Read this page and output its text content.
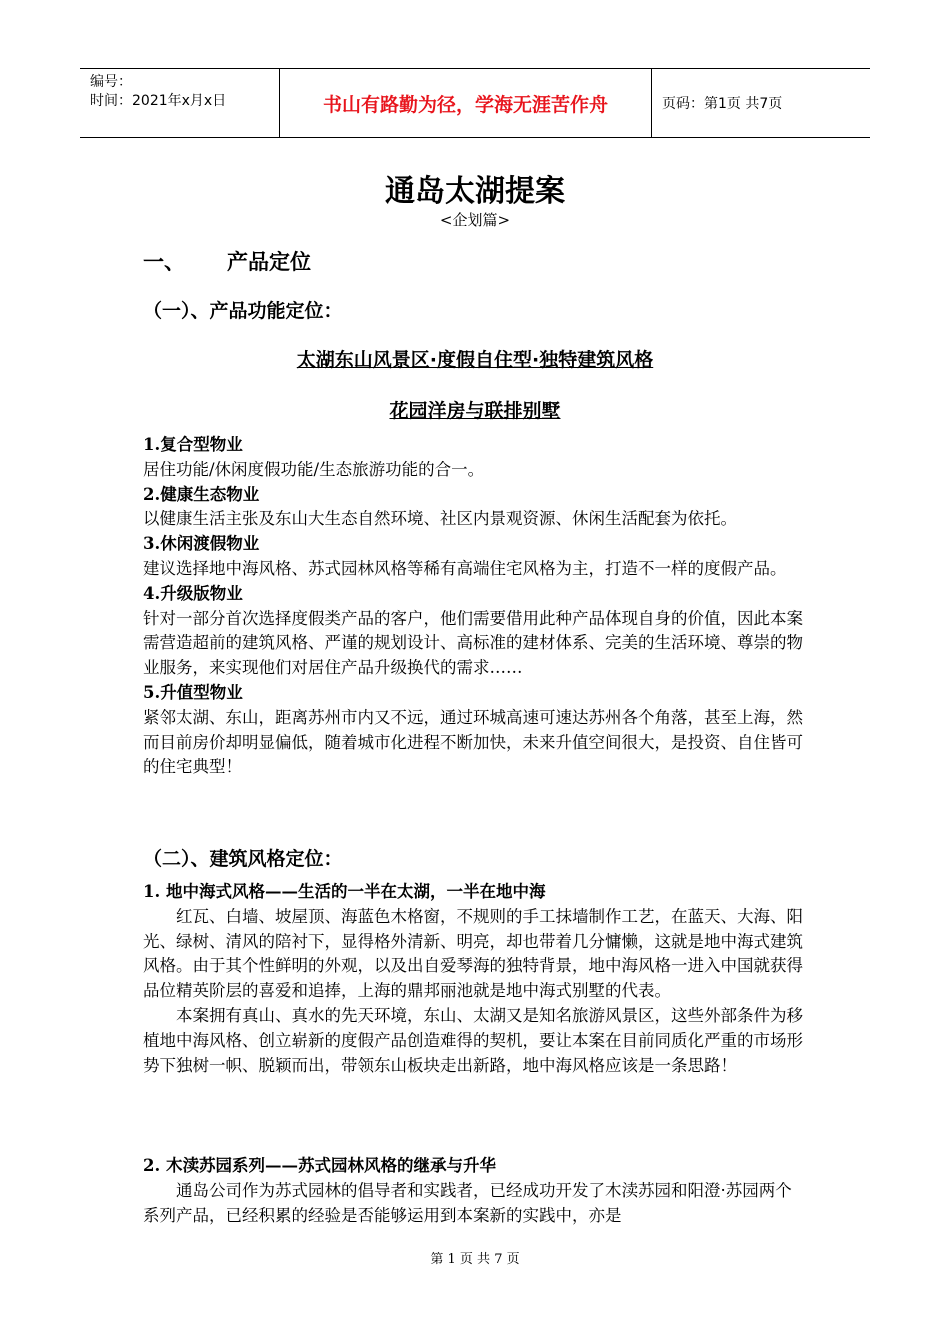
编号：
时间：2021年x月x日	书山有路勤为径，学海无涯苦作舟	页码：第1页 共7页
通岛太湖提案
<企划篇>
一、 产品定位
（一）、产品功能定位：
太湖东山风景区·度假自住型·独特建筑风格
花园洋房与联排别墅

1.复合型物业

居住功能/休闲度假功能/生态旅游功能的合一。

2.健康生态物业

以健康生活主张及东山大生态自然环境、社区内景观资源、休闲生活配套为依托。

3.休闲渡假物业

建议选择地中海风格、苏式园林风格等稀有高端住宅风格为主，打造不一样的度假产品。

4.升级版物业

针对一部分首次选择度假类产品的客户，他们需要借用此种产品体现自身的价值，因此本案需营造超前的建筑风格、严谨的规划设计、高标准的建材体系、完美的生活环境、尊崇的物业服务，来实现他们对居住产品升级换代的需求……

5.升值型物业

紧邻太湖、东山，距离苏州市内又不远，通过环城高速可速达苏州各个角落，甚至上海，然而目前房价却明显偏低，随着城市化进程不断加快，未来升值空间很大，是投资、自住皆可的住宅典型！

（二）、建筑风格定位：

1. 地中海式风格——生活的一半在太湖，一半在地中海

红瓦、白墙、坡屋顶、海蓝色木格窗，不规则的手工抹墙制作工艺，在蓝天、大海、阳光、绿树、清风的陪衬下，显得格外清新、明亮，却也带着几分慵懒，这就是地中海式建筑风格。由于其个性鲜明的外观，以及出自爱琴海的独特背景，地中海风格一进入中国就获得品位精英阶层的喜爱和追捧，上海的鼎邦丽池就是地中海式别墅的代表。

本案拥有真山、真水的先天环境，东山、太湖又是知名旅游风景区，这些外部条件为移植地中海风格、创立崭新的度假产品创造难得的契机，要让本案在目前同质化严重的市场形势下独树一帜、脱颖而出，带领东山板块走出新路，地中海风格应该是一条思路！

2. 木渎苏园系列——苏式园林风格的继承与升华

通岛公司作为苏式园林的倡导者和实践者，已经成功开发了木渎苏园和阳澄·苏园两个系列产品，已经积累的经验是否能够运用到本案新的实践中，亦是

第 1 页 共 7 页
